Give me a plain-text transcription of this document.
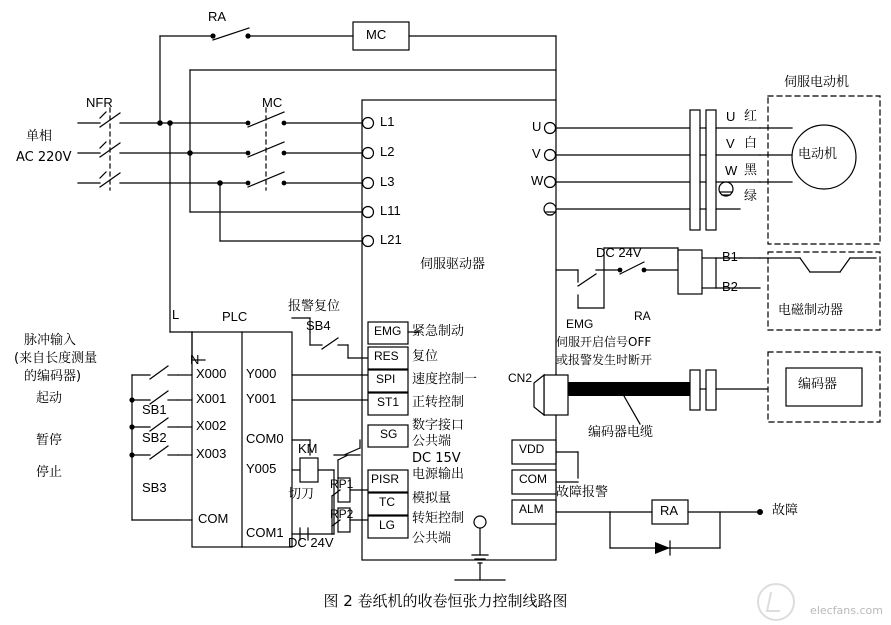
RA
MC
NFR	MC
单相
AC 220V
L1
L2
L3
L11
L21
伺服驱动器
PLC
报警复位
SB4
脉冲输入
(来自长度测量
的编码器)
起动
暂停
停止
SB1
SB2
SB3
L
N
X000
X001
X002
X003
COM
Y000
Y001
COM0
Y005
COM1
KM
切刀
RP1
RP2
DC 24V
EMG 紧急制动
RES 复位
SPI 速度控制一
ST1 正转控制
SG
数字接口
公共端
DC 15V
电源输出
PISR
模拟量
TC
转矩控制
LG
公共端
U
V
W
伺服电动机
U 红
V 白
W 黑
绿
电动机
DC 24V
EMG
RA
伺服开启信号OFF
或报警发生时断开
B1
B2
电磁制动器
CN2
编码器电缆
编码器
VDD
COM
ALM
故障报警
RA	故障
图 2 卷纸机的收卷恒张力控制线路图
elecfans.com
